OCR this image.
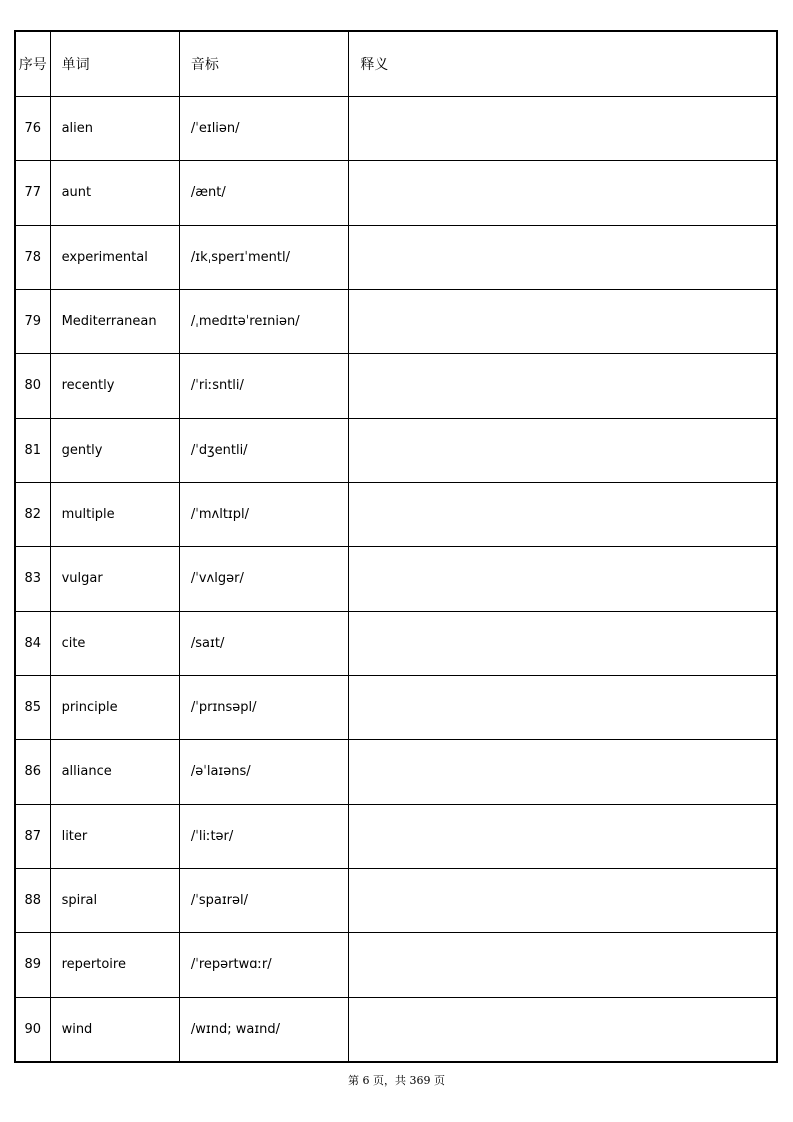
序号	单词	音标	释义
76	alien	/ˈeɪliən/	
77	aunt	/ænt/	
78	experimental	/ɪkˌsperɪˈmentl/	
79	Mediterranean	/ˌmedɪtəˈreɪniən/	
80	recently	/ˈriːsntli/	
81	gently	/ˈdʒentli/	
82	multiple	/ˈmʌltɪpl/	
83	vulgar	/ˈvʌlgər/	
84	cite	/saɪt/	
85	principle	/ˈprɪnsəpl/	
86	alliance	/əˈlaɪəns/	
87	liter	/ˈliːtər/	
88	spiral	/ˈspaɪrəl/	
89	repertoire	/ˈrepərtwɑːr/	
90	wind	/wɪnd; waɪnd/	
第 6 页，共 369 页
